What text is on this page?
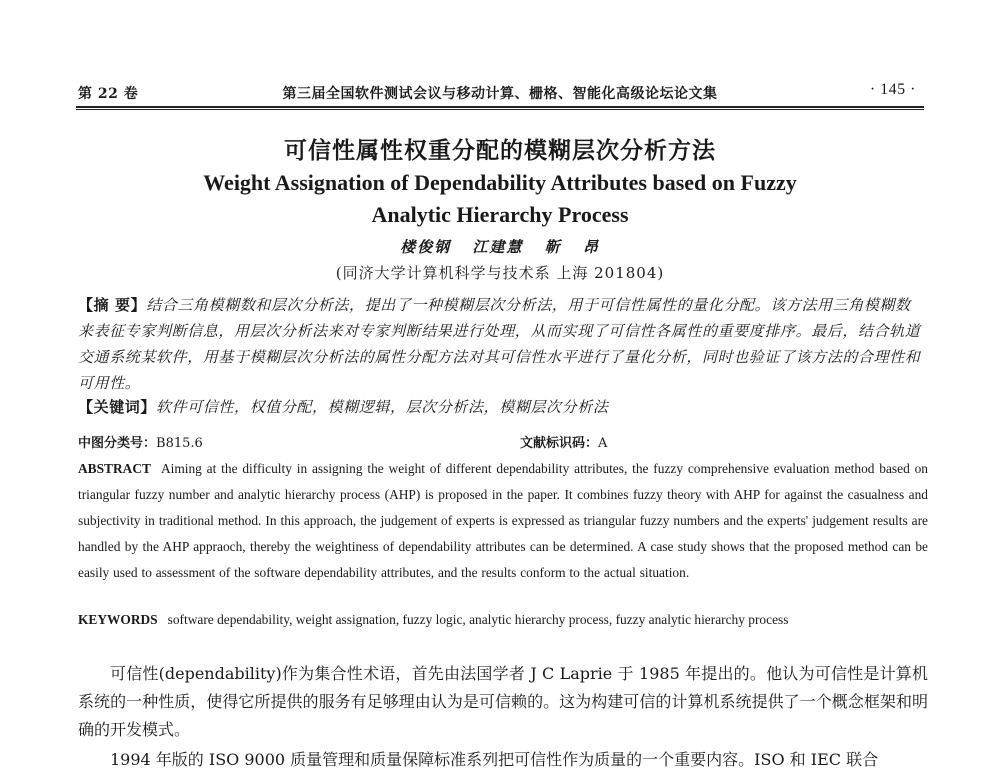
第 22 卷	第三届全国软件测试会议与移动计算、栅格、智能化高级论坛论文集	· 145 ·
可信性属性权重分配的模糊层次分析方法
Weight Assignation of Dependability Attributes based on Fuzzy
Analytic Hierarchy Process
楼俊钢 江建慧 靳 昂
(同济大学计算机科学与技术系 上海 201804)
【摘 要】结合三角模糊数和层次分析法，提出了一种模糊层次分析法，用于可信性属性的量化分配。该方法用三角模糊数来表征专家判断信息，用层次分析法来对专家判断结果进行处理，从而实现了可信性各属性的重要度排序。最后，结合轨道交通系统某软件，用基于模糊层次分析法的属性分配方法对其可信性水平进行了量化分析，同时也验证了该方法的合理性和可用性。
【关键词】软件可信性，权值分配，模糊逻辑，层次分析法，模糊层次分析法
中图分类号：B815.6	文献标识码：A
ABSTRACT Aiming at the difficulty in assigning the weight of different dependability attributes, the fuzzy comprehensive evaluation method based on triangular fuzzy number and analytic hierarchy process (AHP) is proposed in the paper. It combines fuzzy theory with AHP for against the casualness and subjectivity in traditional method. In this approach, the judgement of experts is expressed as triangular fuzzy numbers and the experts' judgement results are handled by the AHP appraoch, thereby the weightiness of dependability attributes can be determined. A case study shows that the proposed method can be easily used to assessment of the software dependability attributes, and the results conform to the actual situation.
KEYWORDS software dependability, weight assignation, fuzzy logic, analytic hierarchy process, fuzzy analytic hierarchy process
可信性(dependability)作为集合性术语，首先由法国学者 J C Laprie 于 1985 年提出的。他认为可信性是计算机系统的一种性质，使得它所提供的服务有足够理由认为是可信赖的。这为构建可信的计算机系统提供了一个概念框架和明确的开发模式。
1994 年版的 ISO 9000 质量管理和质量保障标准系列把可信性作为质量的一个重要内容。ISO 和 IEC 联合
